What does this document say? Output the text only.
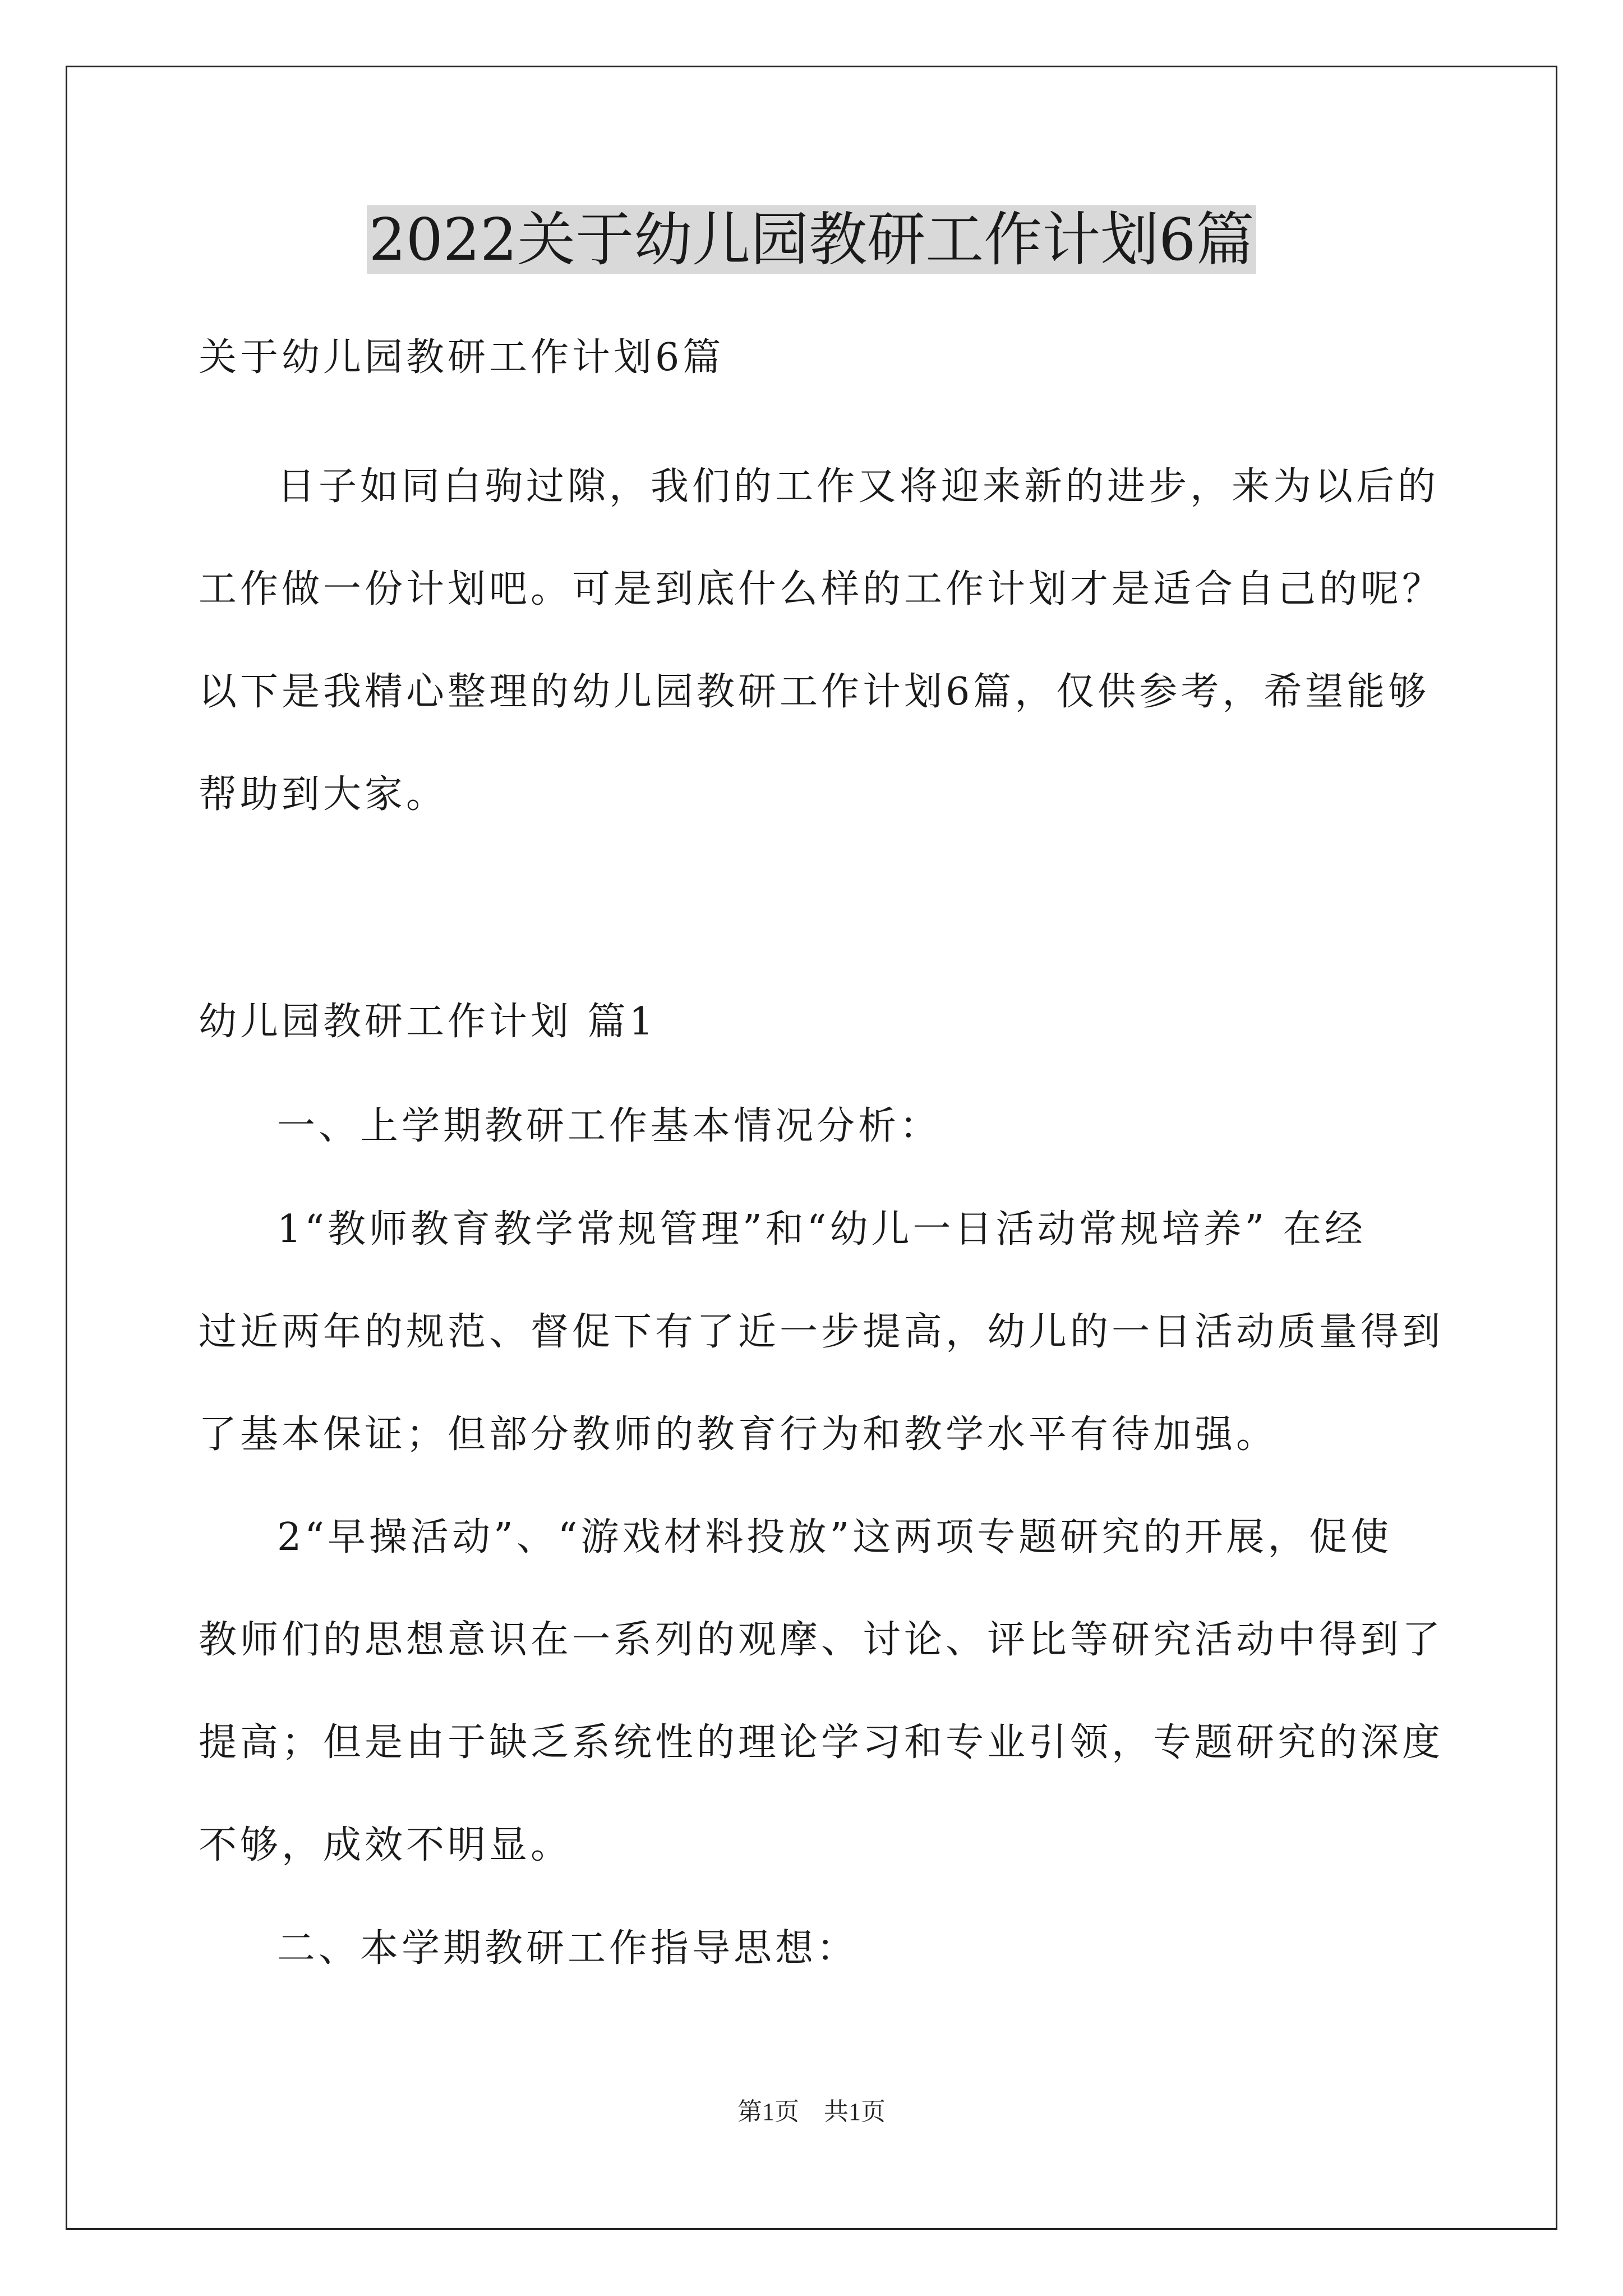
2022关于幼儿园教研工作计划6篇

关于幼儿园教研工作计划6篇

日子如同白驹过隙，我们的工作又将迎来新的进步，来为以后的

工作做一份计划吧。可是到底什么样的工作计划才是适合自己的呢？

以下是我精心整理的幼儿园教研工作计划6篇，仅供参考，希望能够

帮助到大家。

幼儿园教研工作计划 篇1

一、上学期教研工作基本情况分析：

1“教师教育教学常规管理”和“幼儿一日活动常规培养” 在经

过近两年的规范、督促下有了近一步提高，幼儿的一日活动质量得到

了基本保证；但部分教师的教育行为和教学水平有待加强。

2“早操活动”、“游戏材料投放”这两项专题研究的开展，促使

教师们的思想意识在一系列的观摩、讨论、评比等研究活动中得到了

提高；但是由于缺乏系统性的理论学习和专业引领，专题研究的深度

不够，成效不明显。

二、本学期教研工作指导思想：

第1页　共1页
